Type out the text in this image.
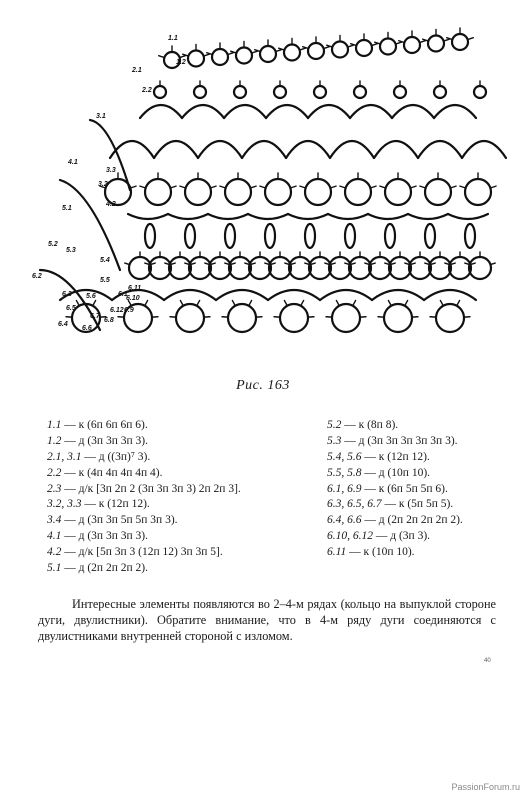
1.1
1.2
2.1
2.2
3.1
3.2
3.3
4.1
4.2
5.1
5.2
5.3
5.4
5.5
5.6	6.1
6.2
6.3
6.4
6.5
6.6
6.7
6.8
6.9
6.10
6.11
6.12
Рис. 163
1.1 — к (6п 6п 6п 6).
1.2 — д (3п 3п 3п 3).
2.1, 3.1 — д ((3п)⁷ 3).
2.2 — к (4п 4п 4п 4п 4).
2.3 — д/к [3п 2п 2 (3п 3п 3п 3) 2п 2п 3].
3.2, 3.3 — к (12п 12).
3.4 — д (3п 3п 5п 5п 3п 3).
4.1 — д (3п 3п 3п 3).
4.2 — д/к [5п 3п 3 (12п 12) 3п 3п 5].
5.1 — д (2п 2п 2п 2).
5.2 — к (8п 8).
5.3 — д (3п 3п 3п 3п 3п 3).
5.4, 5.6 — к (12п 12).
5.5, 5.8 — д (10п 10).
6.1, 6.9 — к (6п 5п 5п 6).
6.3, 6.5, 6.7 — к (5п 5п 5).
6.4, 6.6 — д (2п 2п 2п 2п 2).
6.10, 6.12 — д (3п 3).
6.11 — к (10п 10).

Интересные элементы появляются во 2–4-м рядах (кольцо на выпуклой стороне дуги, двулистники). Обратите внимание, что в 4-м ряду дуги соединяются с двулистниками внутренней стороной с изломом.

40
PassionForum.ru
